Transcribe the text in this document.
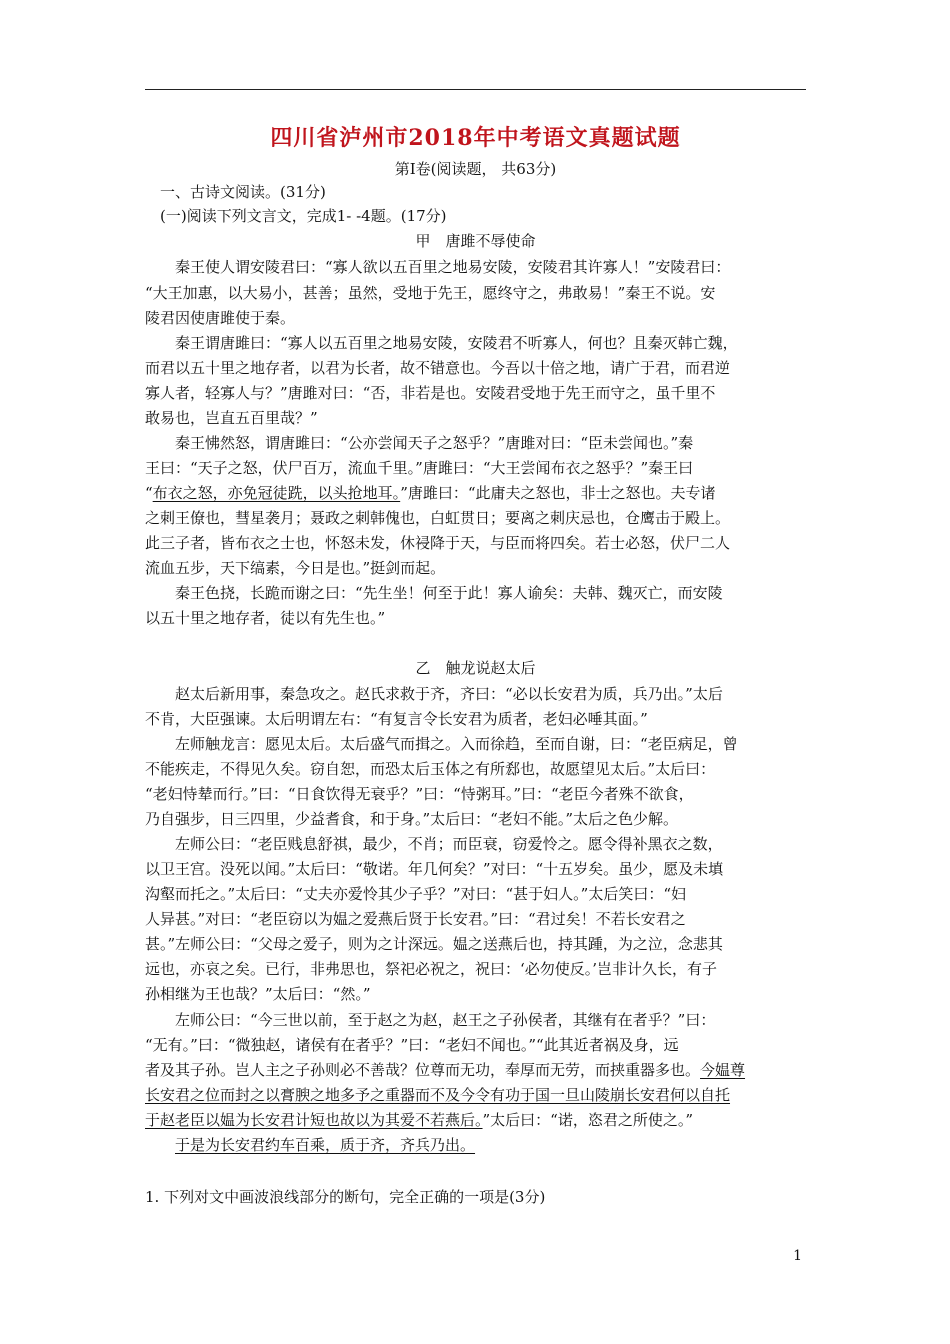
四川省泸州市2018年中考语文真题试题
第Ⅰ卷(阅读题， 共63分)
　一、古诗文阅读。(31分)
　(一)阅读下列文言文，完成1- -4题。(17分)
甲　唐雎不辱使命
　　秦王使人谓安陵君曰：“寡人欲以五百里之地易安陵，安陵君其许寡人！”安陵君曰：
“大王加惠，以大易小，甚善；虽然，受地于先王，愿终守之，弗敢易！”秦王不说。安
陵君因使唐雎使于秦。
　　秦王谓唐雎曰：“寡人以五百里之地易安陵，安陵君不听寡人，何也？且秦灭韩亡魏，
而君以五十里之地存者，以君为长者，故不错意也。今吾以十倍之地，请广于君，而君逆
寡人者，轻寡人与？”唐雎对曰：“否，非若是也。安陵君受地于先王而守之，虽千里不
敢易也，岂直五百里哉？”
　　秦王怫然怒，谓唐雎曰：“公亦尝闻天子之怒乎？”唐雎对曰：“臣未尝闻也。”秦
王曰：“天子之怒，伏尸百万，流血千里。”唐雎曰：“大王尝闻布衣之怒乎？”秦王曰
“布衣之怒，亦免冠徒跣，以头抢地耳。”唐雎曰：“此庸夫之怒也，非士之怒也。夫专诸
之刺王僚也，彗星袭月；聂政之刺韩傀也，白虹贯日；要离之刺庆忌也，仓鹰击于殿上。
此三子者，皆布衣之士也，怀怒未发，休祲降于天，与臣而将四矣。若士必怒，伏尸二人
流血五步，天下缟素，今日是也。”挺剑而起。
　　秦王色挠，长跪而谢之曰：“先生坐！何至于此！寡人谕矣：夫韩、魏灭亡，而安陵
以五十里之地存者，徒以有先生也。”
乙　触龙说赵太后
　　赵太后新用事，秦急攻之。赵氏求救于齐，齐曰：“必以长安君为质，兵乃出。”太后
不肯，大臣强谏。太后明谓左右：“有复言令长安君为质者，老妇必唾其面。”
　　左师触龙言：愿见太后。太后盛气而揖之。入而徐趋，至而自谢，曰：“老臣病足，曾
不能疾走，不得见久矣。窃自恕，而恐太后玉体之有所郄也，故愿望见太后。”太后曰：
“老妇恃辇而行。”曰：“日食饮得无衰乎？”曰：“恃粥耳。”曰：“老臣今者殊不欲食，
乃自强步，日三四里，少益耆食，和于身。”太后曰：“老妇不能。”太后之色少解。
　　左师公曰：“老臣贱息舒祺，最少，不肖；而臣衰，窃爱怜之。愿令得补黑衣之数，
以卫王宫。没死以闻。”太后曰：“敬诺。年几何矣？”对曰：“十五岁矣。虽少，愿及未填
沟壑而托之。”太后曰：“丈夫亦爱怜其少子乎？”对曰：“甚于妇人。”太后笑曰：“妇
人异甚。”对曰：“老臣窃以为媪之爱燕后贤于长安君。”曰：“君过矣！不若长安君之
甚。”左师公曰：“父母之爱子，则为之计深远。媪之送燕后也，持其踵，为之泣，念悲其
远也，亦哀之矣。已行，非弗思也，祭祀必祝之，祝曰：‘必勿使反。’岂非计久长，有子
孙相继为王也哉？”太后曰：“然。”
　　左师公曰：“今三世以前，至于赵之为赵，赵王之子孙侯者，其继有在者乎？”曰：
“无有。”曰：“微独赵，诸侯有在者乎？”曰：“老妇不闻也。”“此其近者祸及身，远
者及其子孙。岂人主之子孙则必不善哉？位尊而无功，奉厚而无劳，而挟重器多也。今媪尊
长安君之位而封之以膏腴之地多予之重器而不及今令有功于国一旦山陵崩长安君何以自托
于赵老臣以媪为长安君计短也故以为其爱不若燕后。”太后曰：“诺，恣君之所使之。”
　　于是为长安君约车百乘，质于齐，齐兵乃出。
1. 下列对文中画波浪线部分的断句，完全正确的一项是(3分)
1
